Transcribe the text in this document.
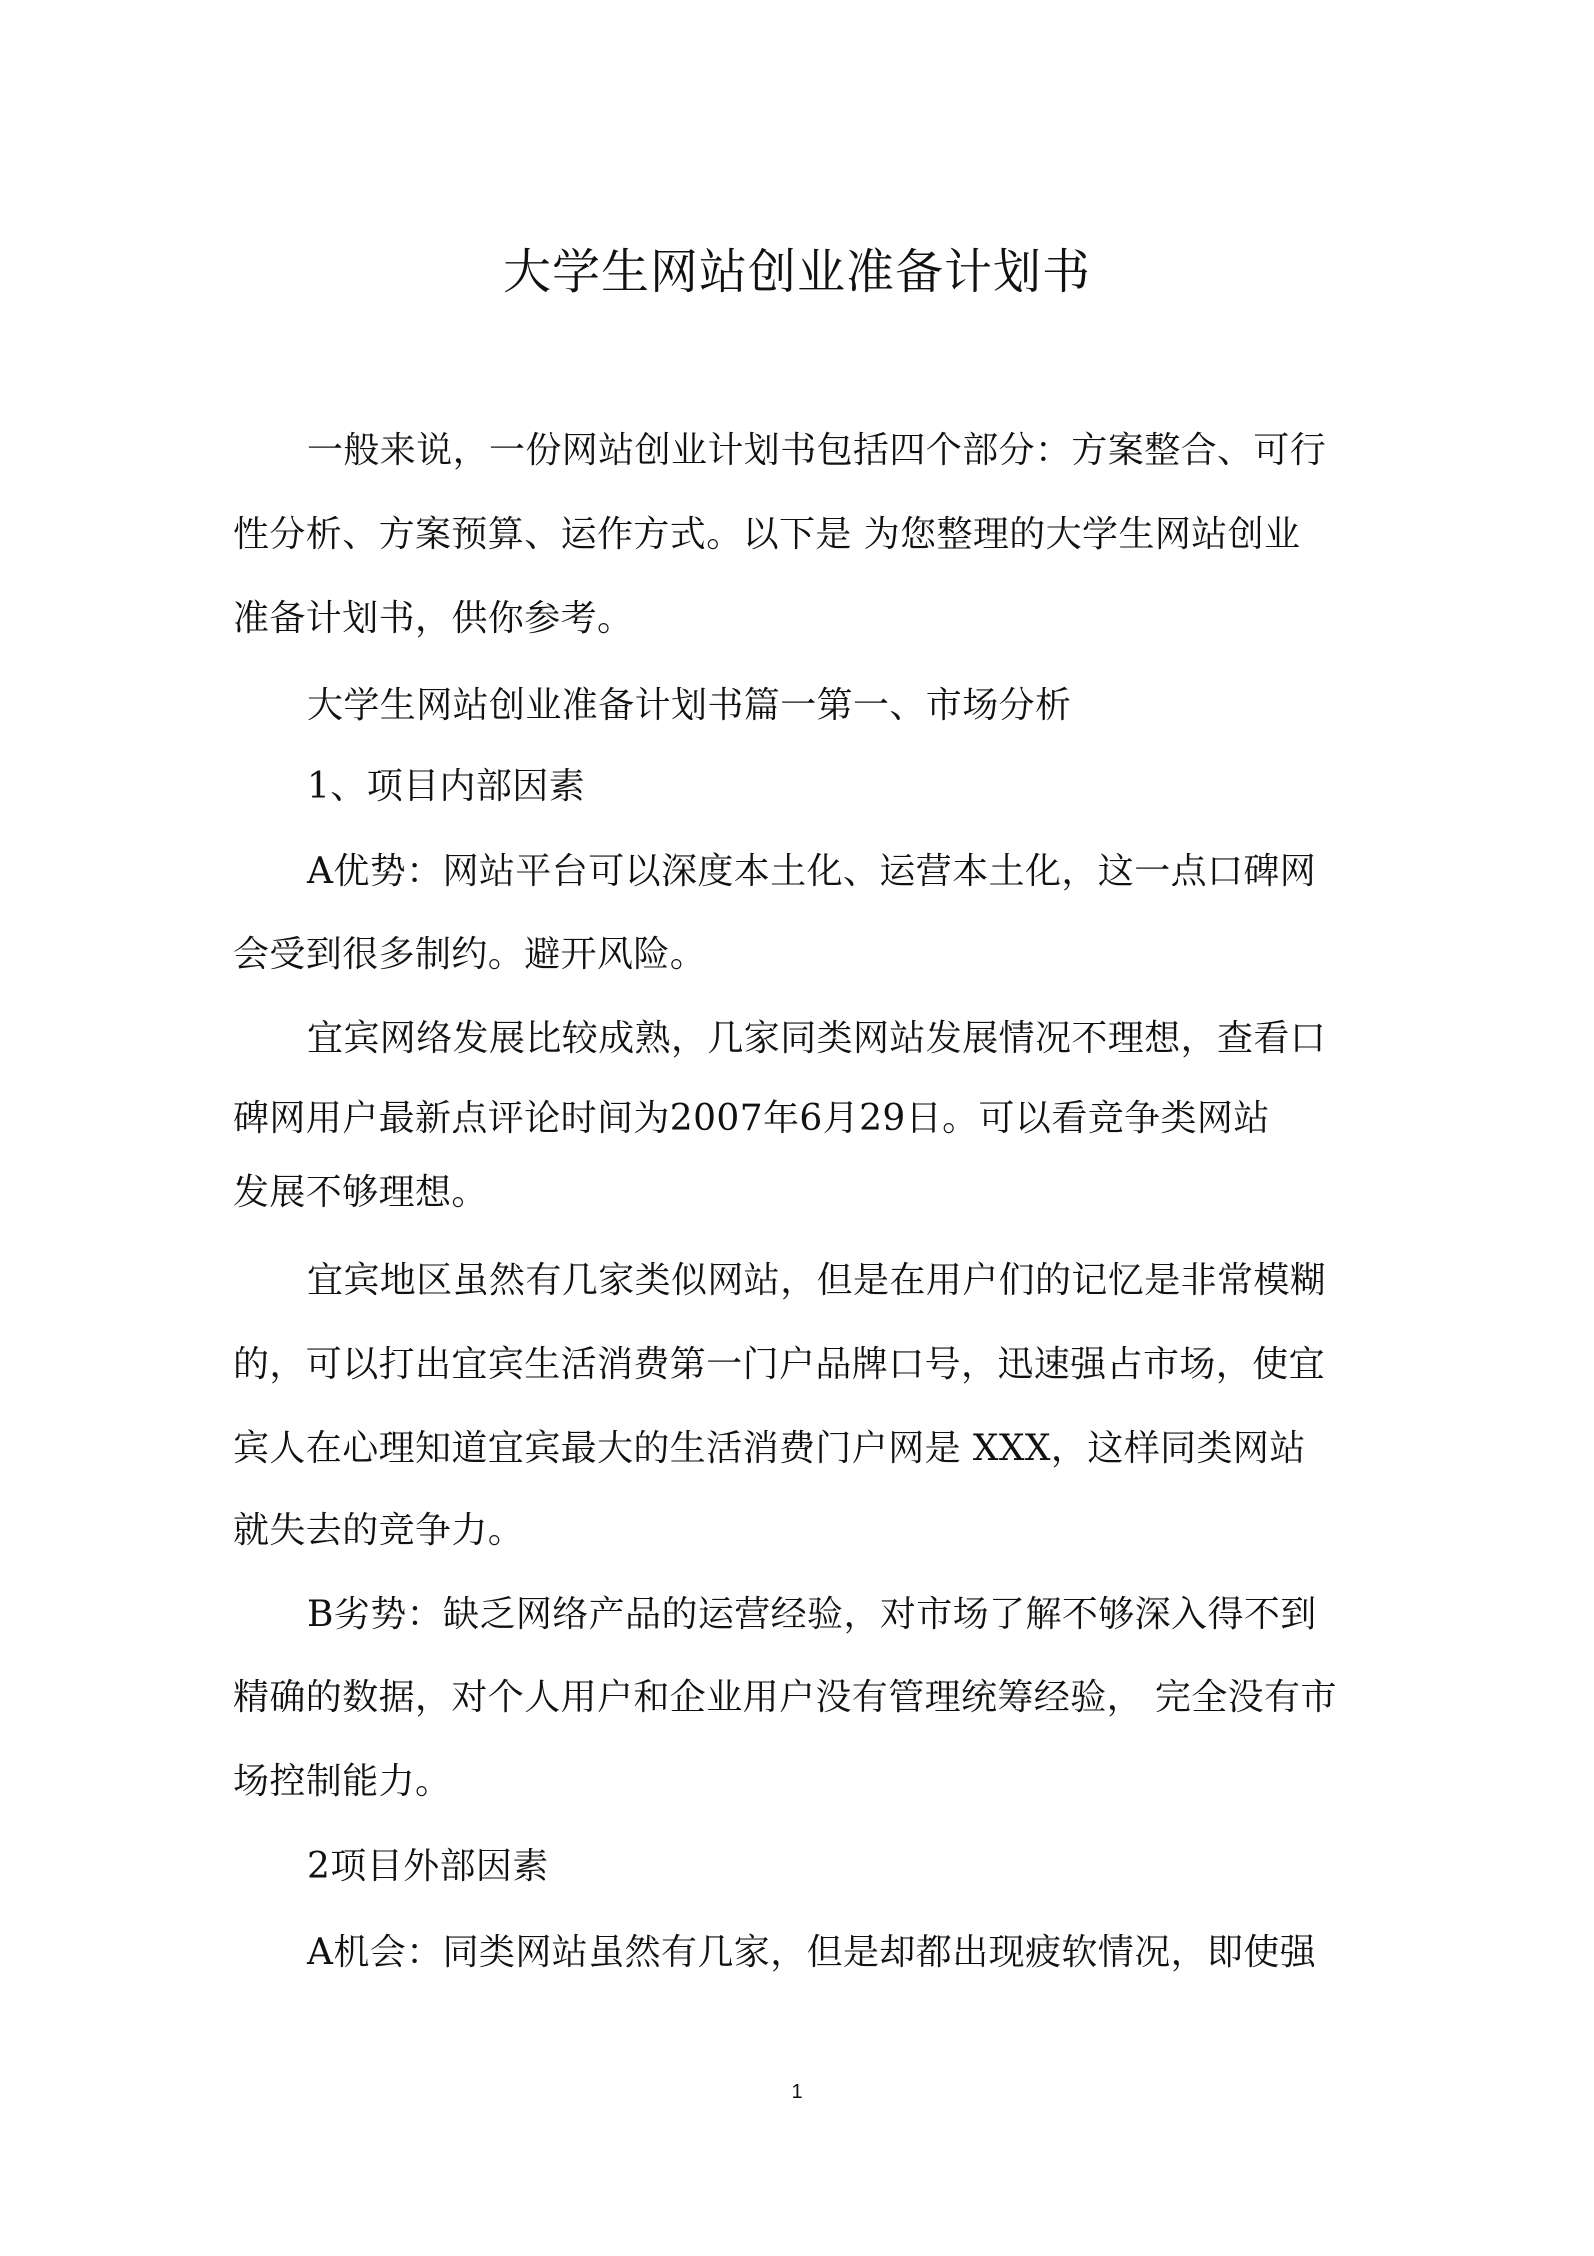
大学生网站创业准备计划书
一般来说，一份网站创业计划书包括四个部分：方案整合、可行
性分析、方案预算、运作方式。以下是 为您整理的大学生网站创业
准备计划书，供你参考。
大学生网站创业准备计划书篇一第一、市场分析
1、项目内部因素
A优势：网站平台可以深度本土化、运营本土化，这一点口碑网
会受到很多制约。避开风险。
宜宾网络发展比较成熟，几家同类网站发展情况不理想，查看口
碑网用户最新点评论时间为2007年6月29日。可以看竞争类网站
发展不够理想。
宜宾地区虽然有几家类似网站，但是在用户们的记忆是非常模糊
的，可以打出宜宾生活消费第一门户品牌口号，迅速强占市场，使宜
宾人在心理知道宜宾最大的生活消费门户网是 XXX，这样同类网站
就失去的竞争力。
B劣势：缺乏网络产品的运营经验，对市场了解不够深入得不到
精确的数据，对个人用户和企业用户没有管理统筹经验， 完全没有市
场控制能力。
2项目外部因素
A机会：同类网站虽然有几家，但是却都出现疲软情况，即使强
1
